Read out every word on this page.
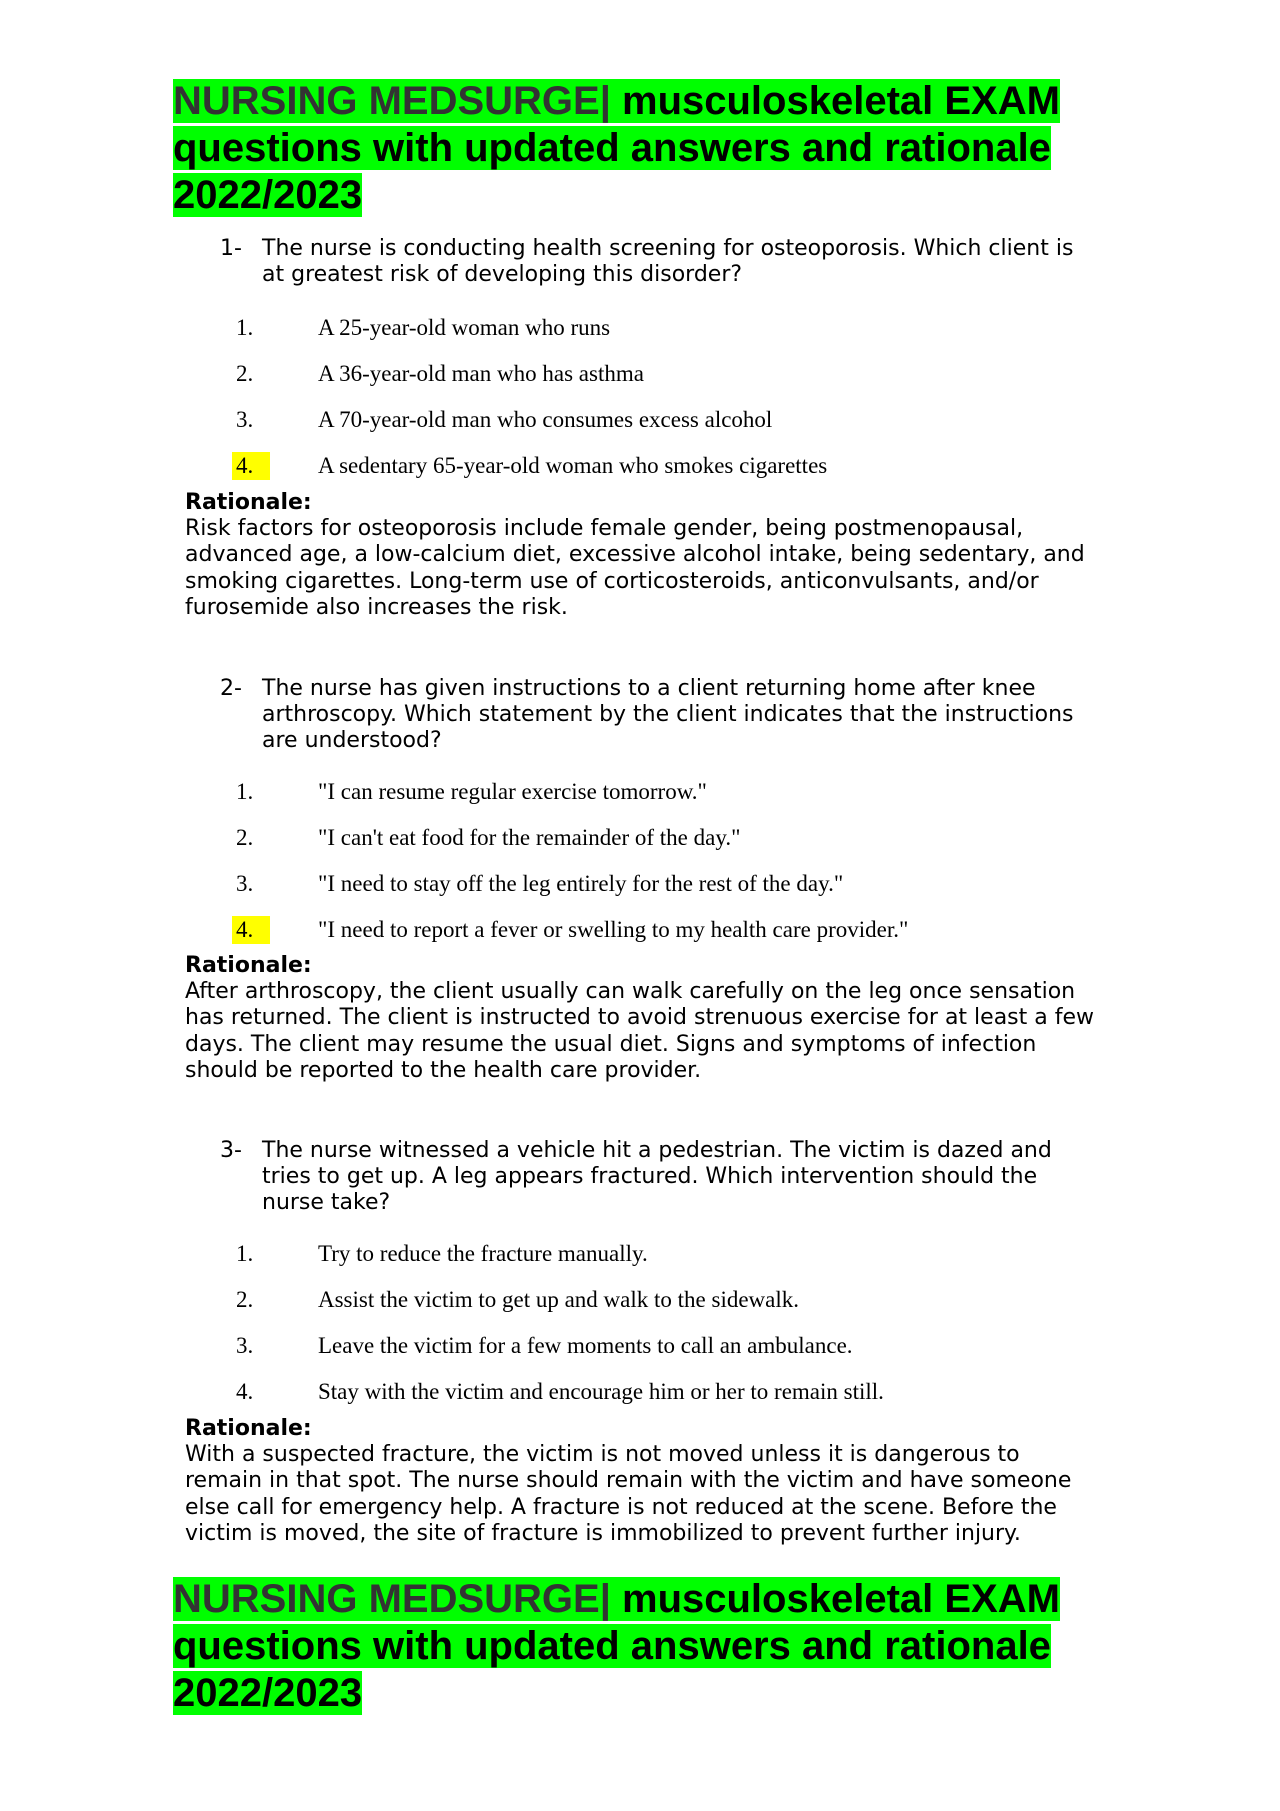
NURSING MEDSURGE| musculoskeletal EXAM
questions with updated answers and rationale
2022/2023
1- The nurse is conducting health screening for osteoporosis. Which client is at greatest risk of developing this disorder?
1.	A 25-year-old woman who runs
2.	A 36-year-old man who has asthma
3.	A 70-year-old man who consumes excess alcohol
4.	A sedentary 65-year-old woman who smokes cigarettes
Rationale:
Risk factors for osteoporosis include female gender, being postmenopausal, advanced age, a low-calcium diet, excessive alcohol intake, being sedentary, and smoking cigarettes. Long-term use of corticosteroids, anticonvulsants, and/or furosemide also increases the risk.
2- The nurse has given instructions to a client returning home after knee arthroscopy. Which statement by the client indicates that the instructions are understood?
1.	"I can resume regular exercise tomorrow."
2.	"I can't eat food for the remainder of the day."
3.	"I need to stay off the leg entirely for the rest of the day."
4.	"I need to report a fever or swelling to my health care provider."
Rationale:
After arthroscopy, the client usually can walk carefully on the leg once sensation has returned. The client is instructed to avoid strenuous exercise for at least a few days. The client may resume the usual diet. Signs and symptoms of infection should be reported to the health care provider.
3- The nurse witnessed a vehicle hit a pedestrian. The victim is dazed and tries to get up. A leg appears fractured. Which intervention should the nurse take?
1.	Try to reduce the fracture manually.
2.	Assist the victim to get up and walk to the sidewalk.
3.	Leave the victim for a few moments to call an ambulance.
4.	Stay with the victim and encourage him or her to remain still.
Rationale:
With a suspected fracture, the victim is not moved unless it is dangerous to remain in that spot. The nurse should remain with the victim and have someone else call for emergency help. A fracture is not reduced at the scene. Before the victim is moved, the site of fracture is immobilized to prevent further injury.
NURSING MEDSURGE| musculoskeletal EXAM
questions with updated answers and rationale
2022/2023
